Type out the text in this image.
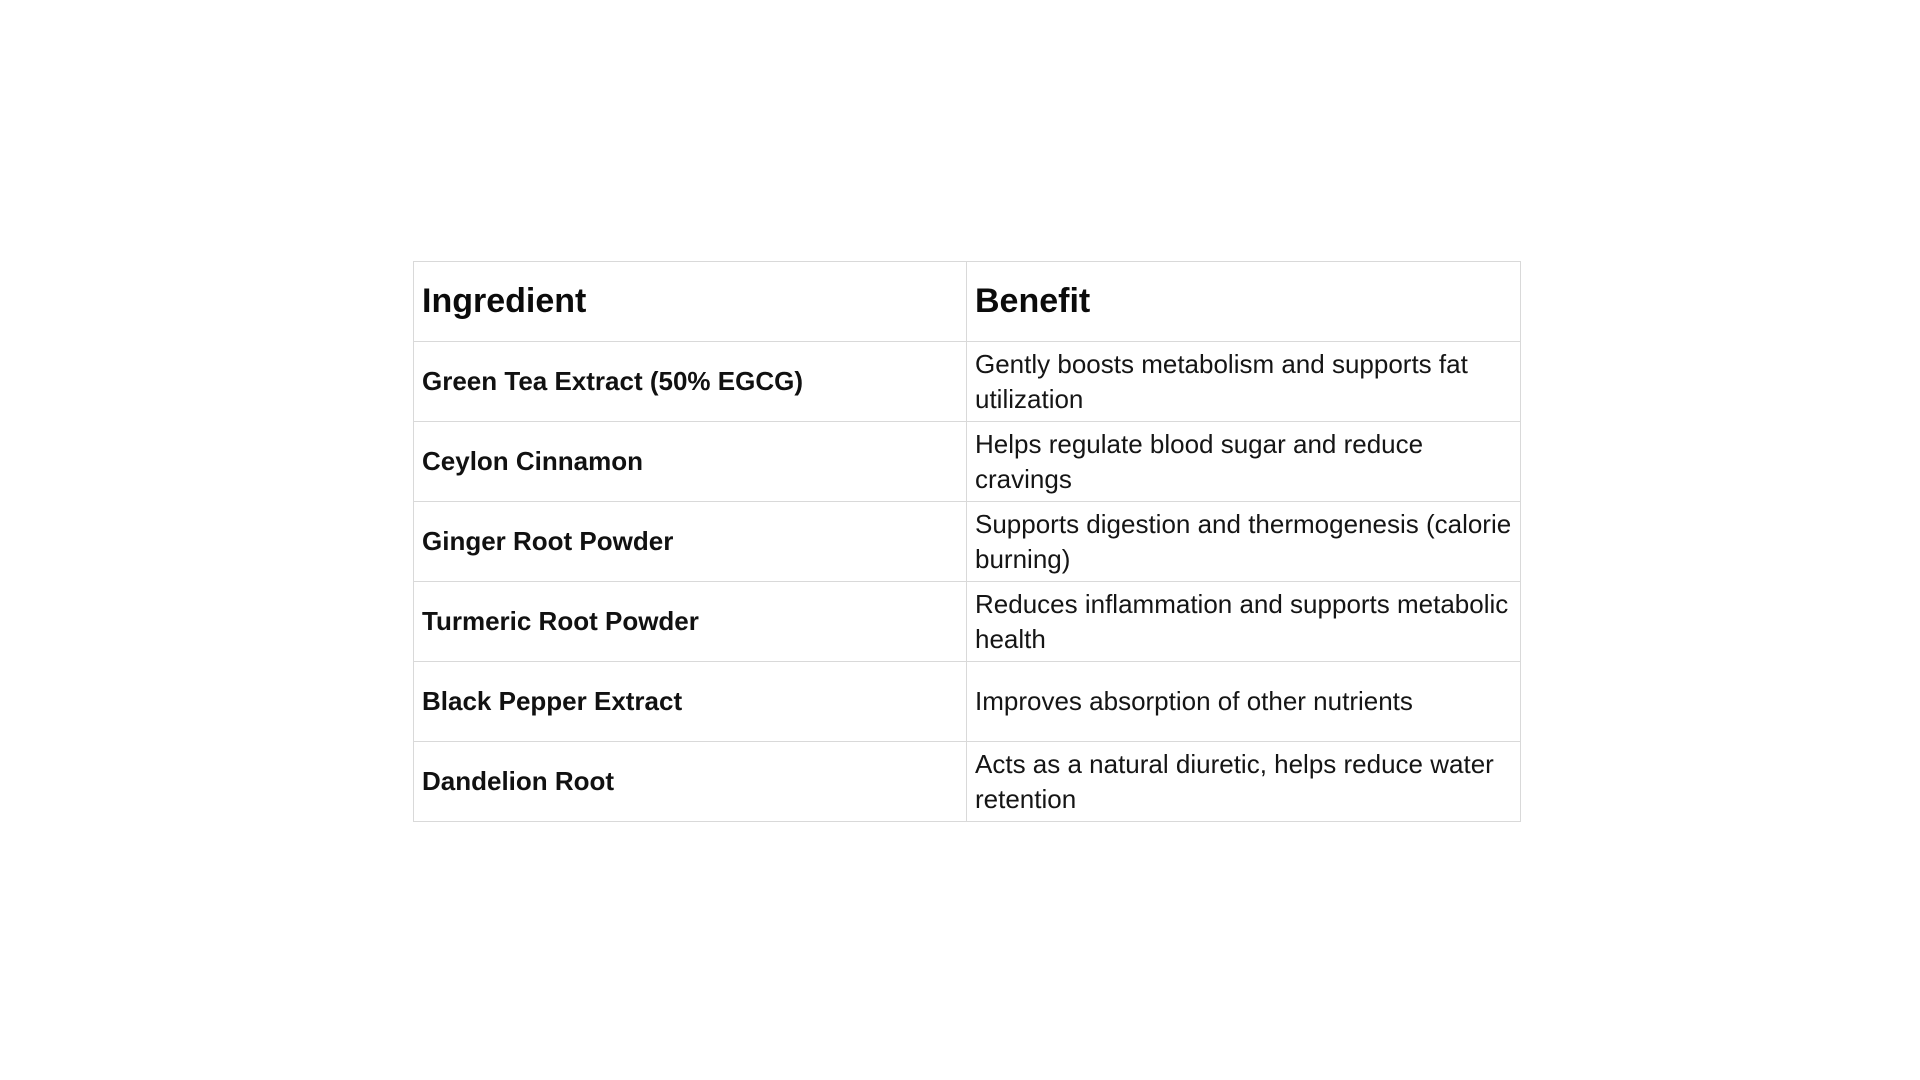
Ingredient	Benefit
Green Tea Extract (50% EGCG)	Gently boosts metabolism and supports fat utilization
Ceylon Cinnamon	Helps regulate blood sugar and reduce cravings
Ginger Root Powder	Supports digestion and thermogenesis (calorie burning)
Turmeric Root Powder	Reduces inflammation and supports metabolic health
Black Pepper Extract	Improves absorption of other nutrients
Dandelion Root	Acts as a natural diuretic, helps reduce water retention
